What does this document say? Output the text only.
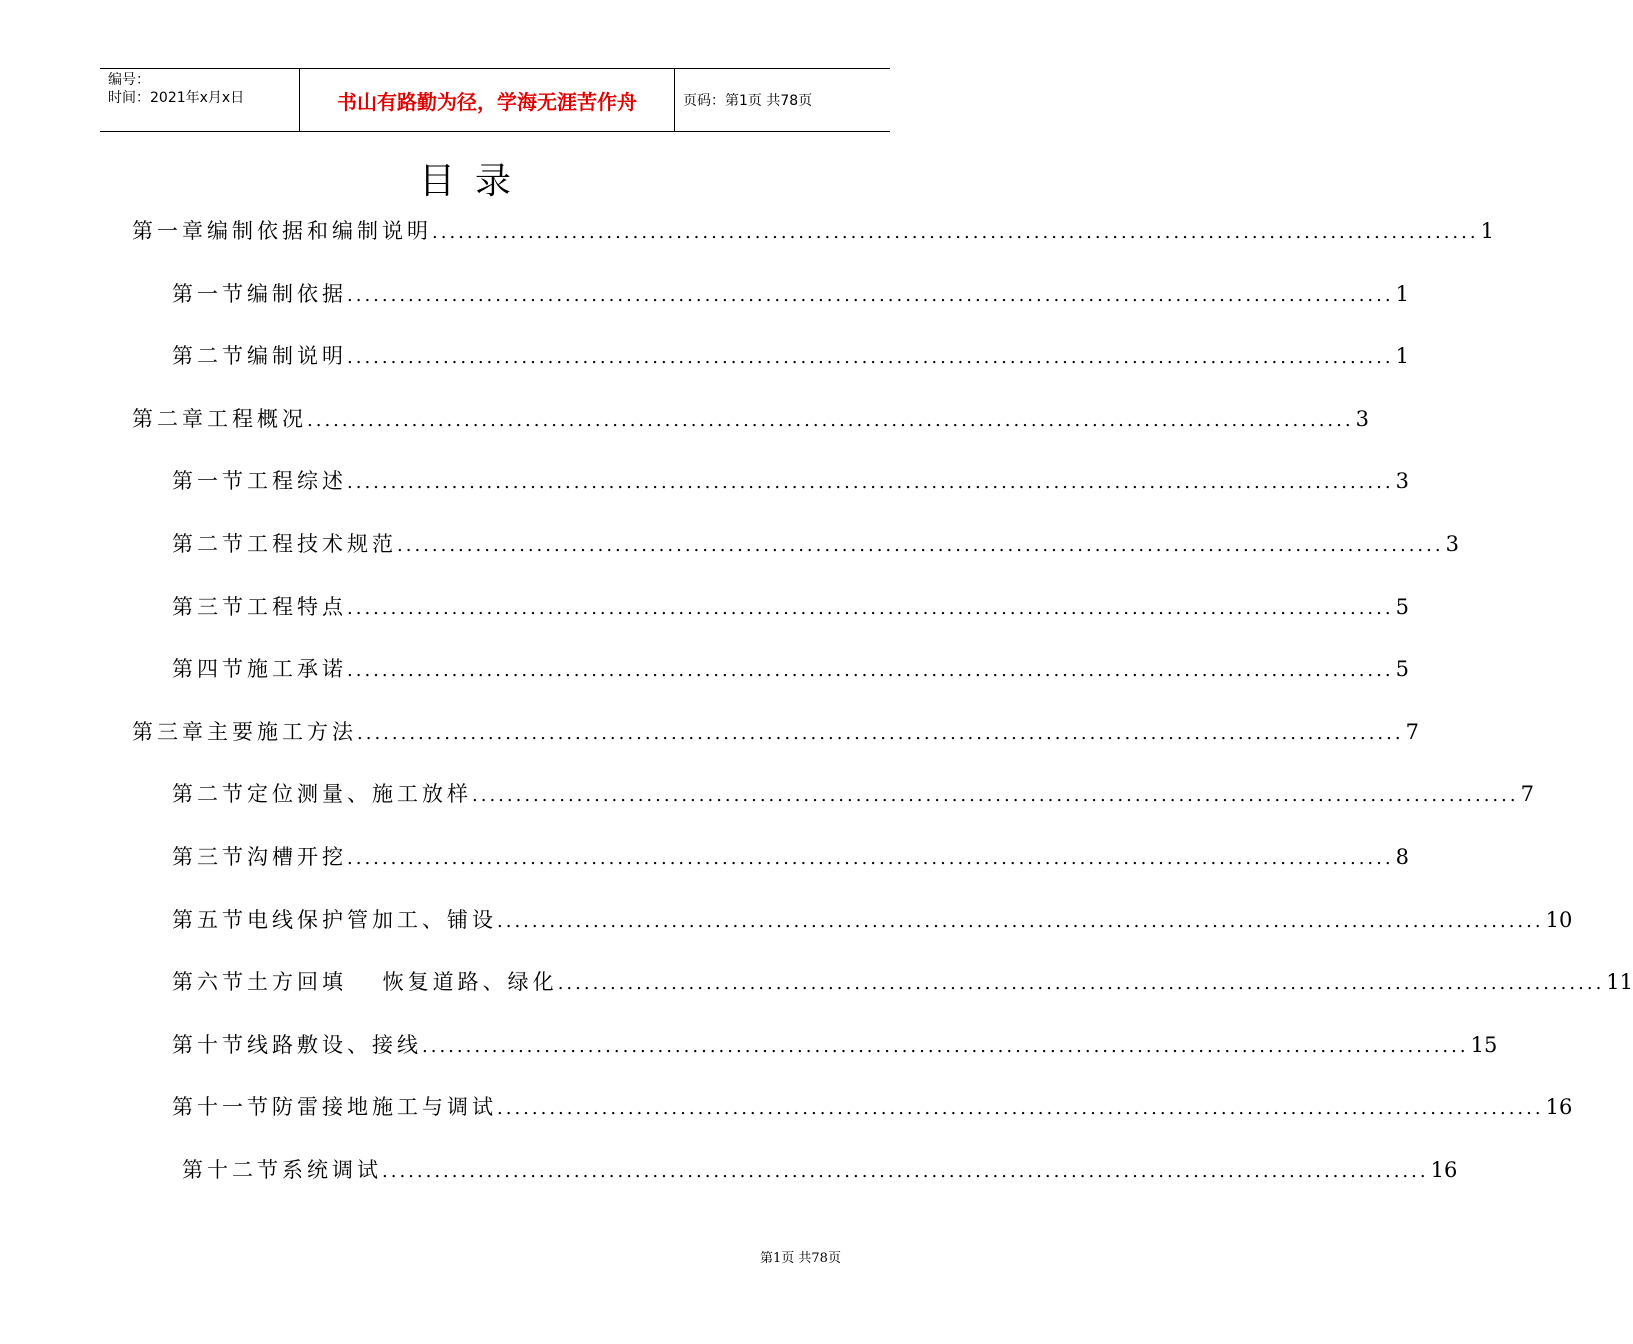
编号：
时间：2021年x月x日	书山有路勤为径，学海无涯苦作舟	页码：第1页 共78页
目录
第一章 编制依据和编制说明 ........................................................................................................................ 1
第一节 编制依据 ........................................................................................................................ 1
第二节 编制说明 ........................................................................................................................ 1
第二章 工程概况 ........................................................................................................................ 3
第一节 工程综述 ........................................................................................................................ 3
第二节 工程技术规范 ........................................................................................................................ 3
第三节 工程特点 ........................................................................................................................ 5
第四节 施工承诺 ........................................................................................................................ 5
第三章 主要施工方法 ........................................................................................................................ 7
第二节 定位测量、施工放样 ........................................................................................................................ 7
第三节 沟槽开挖 ........................................................................................................................ 8
第五节 电线保护管加工、铺设 ........................................................................................................................ 10
第六节 土方回填　 恢复道路、绿化 ........................................................................................................................ 11
第十节 线路敷设、接线 ........................................................................................................................ 15
第十一节 防雷接地施工与调试 ........................................................................................................................ 16
第十二节 系统调试 ........................................................................................................................ 16
第1页 共78页
